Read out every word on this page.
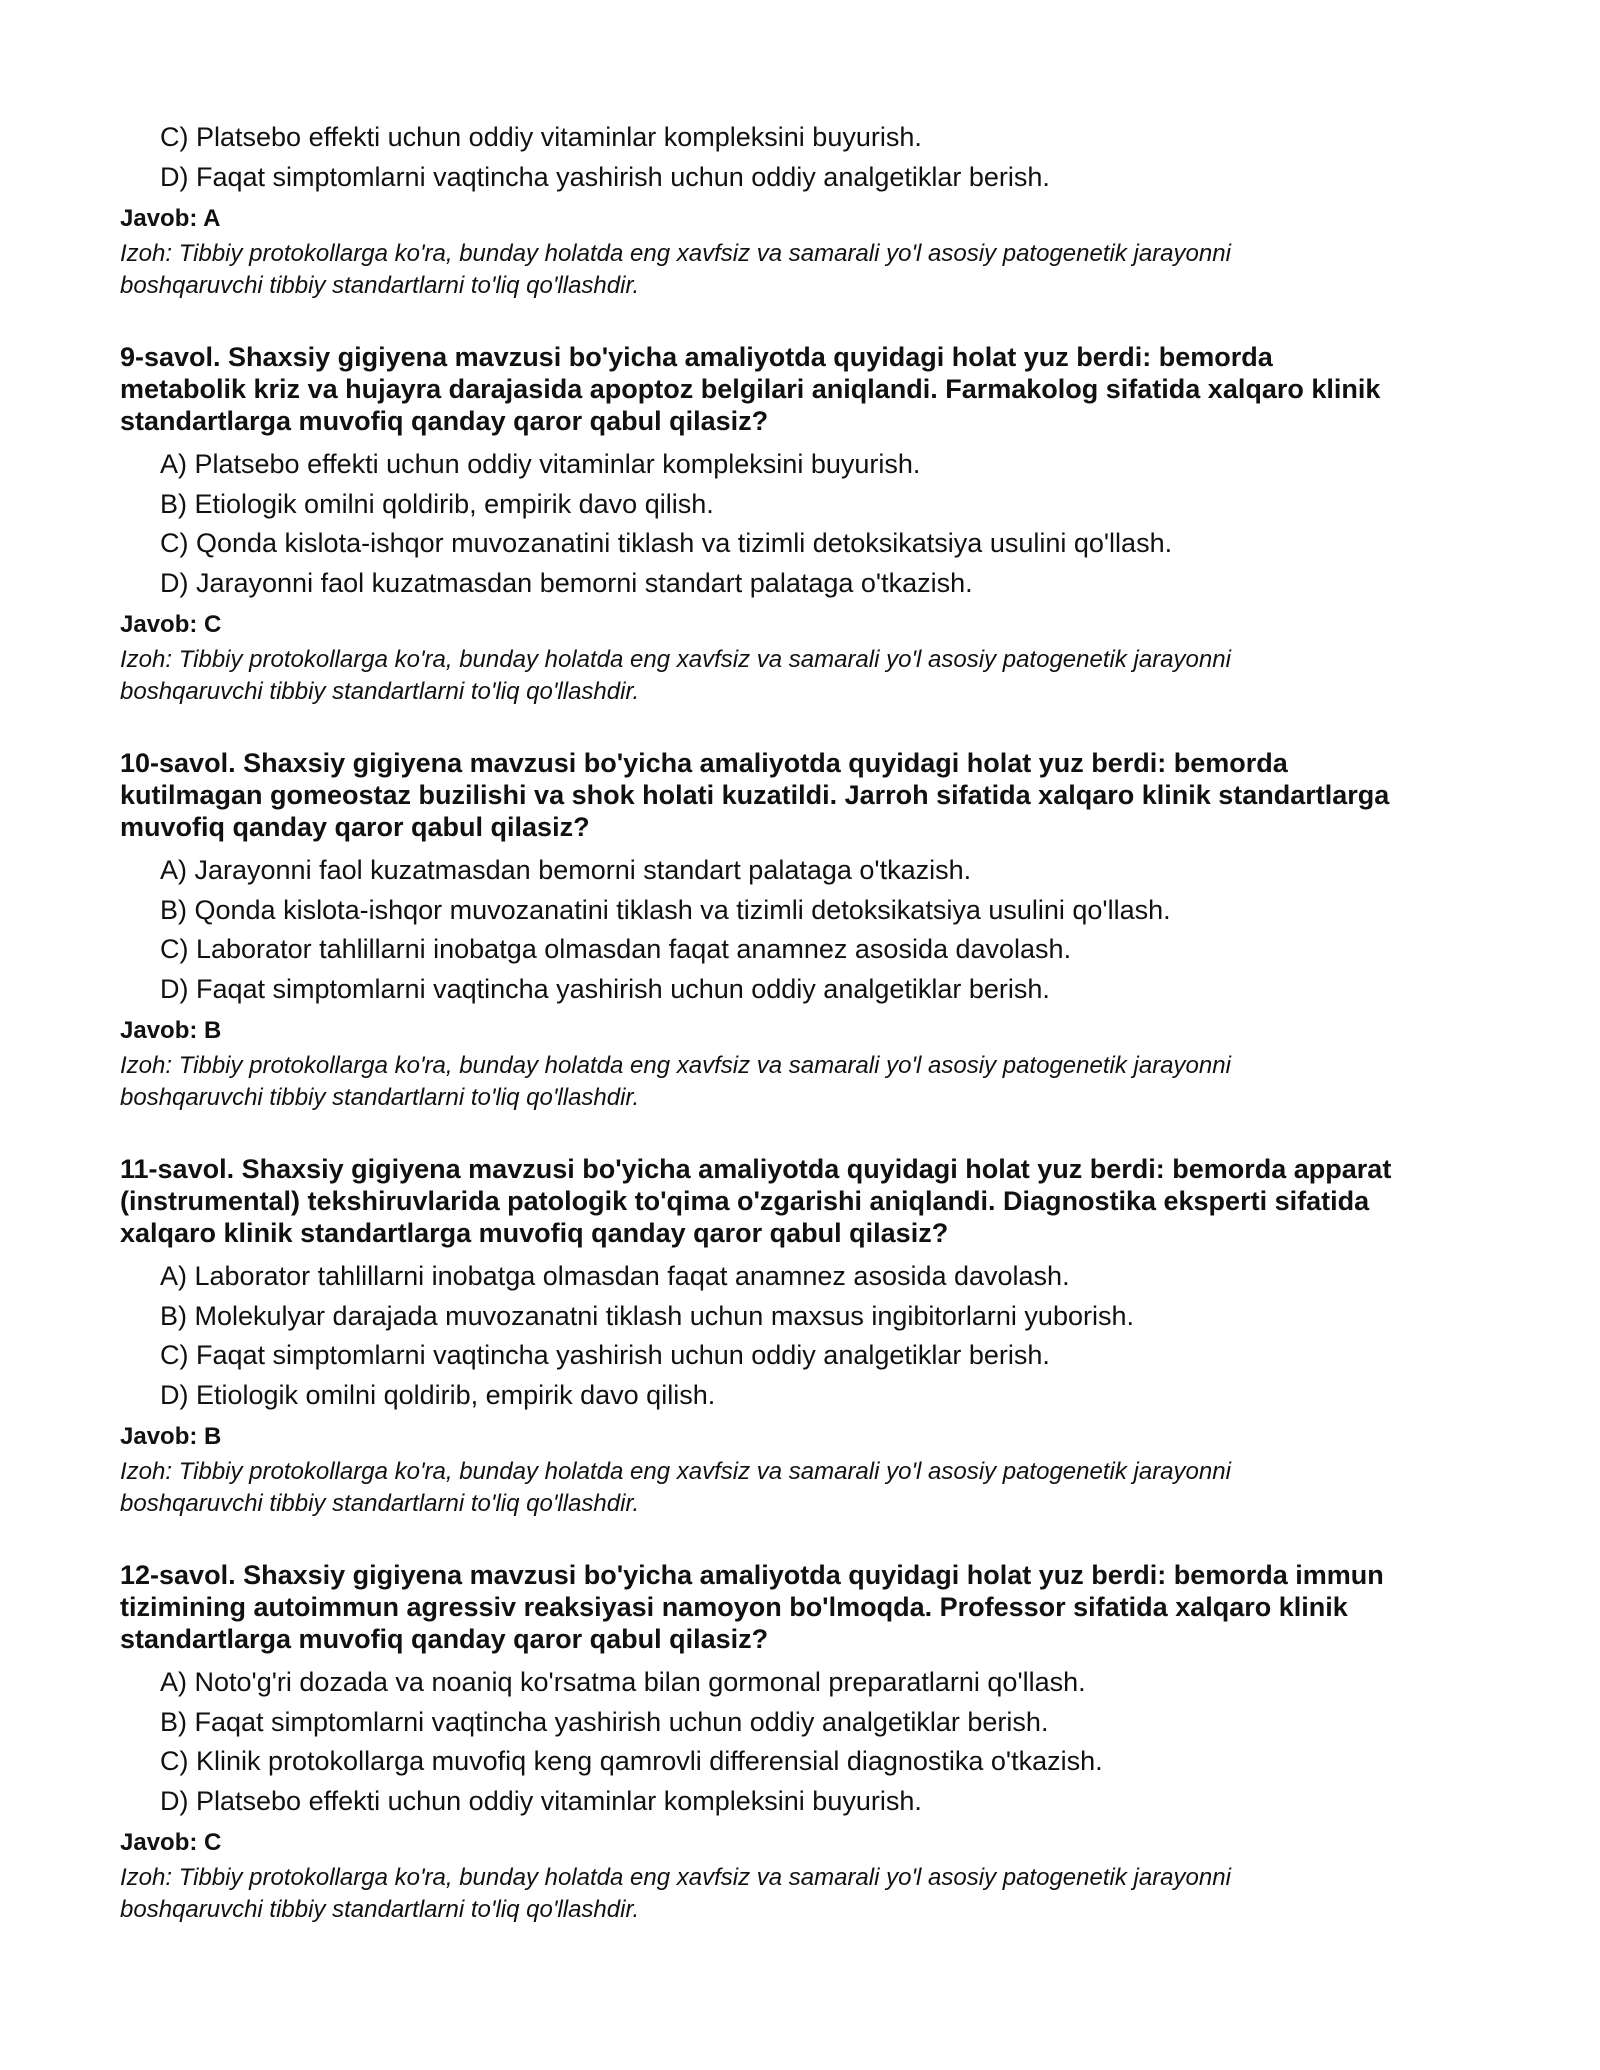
C) Platsebo effekti uchun oddiy vitaminlar kompleksini buyurish.
D) Faqat simptomlarni vaqtincha yashirish uchun oddiy analgetiklar berish.
Javob: A
Izoh: Tibbiy protokollarga ko'ra, bunday holatda eng xavfsiz va samarali yo'l asosiy patogenetik jarayonni
boshqaruvchi tibbiy standartlarni to'liq qo'llashdir.
9-savol. Shaxsiy gigiyena mavzusi bo'yicha amaliyotda quyidagi holat yuz berdi: bemorda
metabolik kriz va hujayra darajasida apoptoz belgilari aniqlandi. Farmakolog sifatida xalqaro klinik
standartlarga muvofiq qanday qaror qabul qilasiz?
A) Platsebo effekti uchun oddiy vitaminlar kompleksini buyurish.
B) Etiologik omilni qoldirib, empirik davo qilish.
C) Qonda kislota-ishqor muvozanatini tiklash va tizimli detoksikatsiya usulini qo'llash.
D) Jarayonni faol kuzatmasdan bemorni standart palataga o'tkazish.
Javob: C
Izoh: Tibbiy protokollarga ko'ra, bunday holatda eng xavfsiz va samarali yo'l asosiy patogenetik jarayonni
boshqaruvchi tibbiy standartlarni to'liq qo'llashdir.
10-savol. Shaxsiy gigiyena mavzusi bo'yicha amaliyotda quyidagi holat yuz berdi: bemorda
kutilmagan gomeostaz buzilishi va shok holati kuzatildi. Jarroh sifatida xalqaro klinik standartlarga
muvofiq qanday qaror qabul qilasiz?
A) Jarayonni faol kuzatmasdan bemorni standart palataga o'tkazish.
B) Qonda kislota-ishqor muvozanatini tiklash va tizimli detoksikatsiya usulini qo'llash.
C) Laborator tahlillarni inobatga olmasdan faqat anamnez asosida davolash.
D) Faqat simptomlarni vaqtincha yashirish uchun oddiy analgetiklar berish.
Javob: B
Izoh: Tibbiy protokollarga ko'ra, bunday holatda eng xavfsiz va samarali yo'l asosiy patogenetik jarayonni
boshqaruvchi tibbiy standartlarni to'liq qo'llashdir.
11-savol. Shaxsiy gigiyena mavzusi bo'yicha amaliyotda quyidagi holat yuz berdi: bemorda apparat
(instrumental) tekshiruvlarida patologik to'qima o'zgarishi aniqlandi. Diagnostika eksperti sifatida
xalqaro klinik standartlarga muvofiq qanday qaror qabul qilasiz?
A) Laborator tahlillarni inobatga olmasdan faqat anamnez asosida davolash.
B) Molekulyar darajada muvozanatni tiklash uchun maxsus ingibitorlarni yuborish.
C) Faqat simptomlarni vaqtincha yashirish uchun oddiy analgetiklar berish.
D) Etiologik omilni qoldirib, empirik davo qilish.
Javob: B
Izoh: Tibbiy protokollarga ko'ra, bunday holatda eng xavfsiz va samarali yo'l asosiy patogenetik jarayonni
boshqaruvchi tibbiy standartlarni to'liq qo'llashdir.
12-savol. Shaxsiy gigiyena mavzusi bo'yicha amaliyotda quyidagi holat yuz berdi: bemorda immun
tizimining autoimmun agressiv reaksiyasi namoyon bo'lmoqda. Professor sifatida xalqaro klinik
standartlarga muvofiq qanday qaror qabul qilasiz?
A) Noto'g'ri dozada va noaniq ko'rsatma bilan gormonal preparatlarni qo'llash.
B) Faqat simptomlarni vaqtincha yashirish uchun oddiy analgetiklar berish.
C) Klinik protokollarga muvofiq keng qamrovli differensial diagnostika o'tkazish.
D) Platsebo effekti uchun oddiy vitaminlar kompleksini buyurish.
Javob: C
Izoh: Tibbiy protokollarga ko'ra, bunday holatda eng xavfsiz va samarali yo'l asosiy patogenetik jarayonni
boshqaruvchi tibbiy standartlarni to'liq qo'llashdir.
